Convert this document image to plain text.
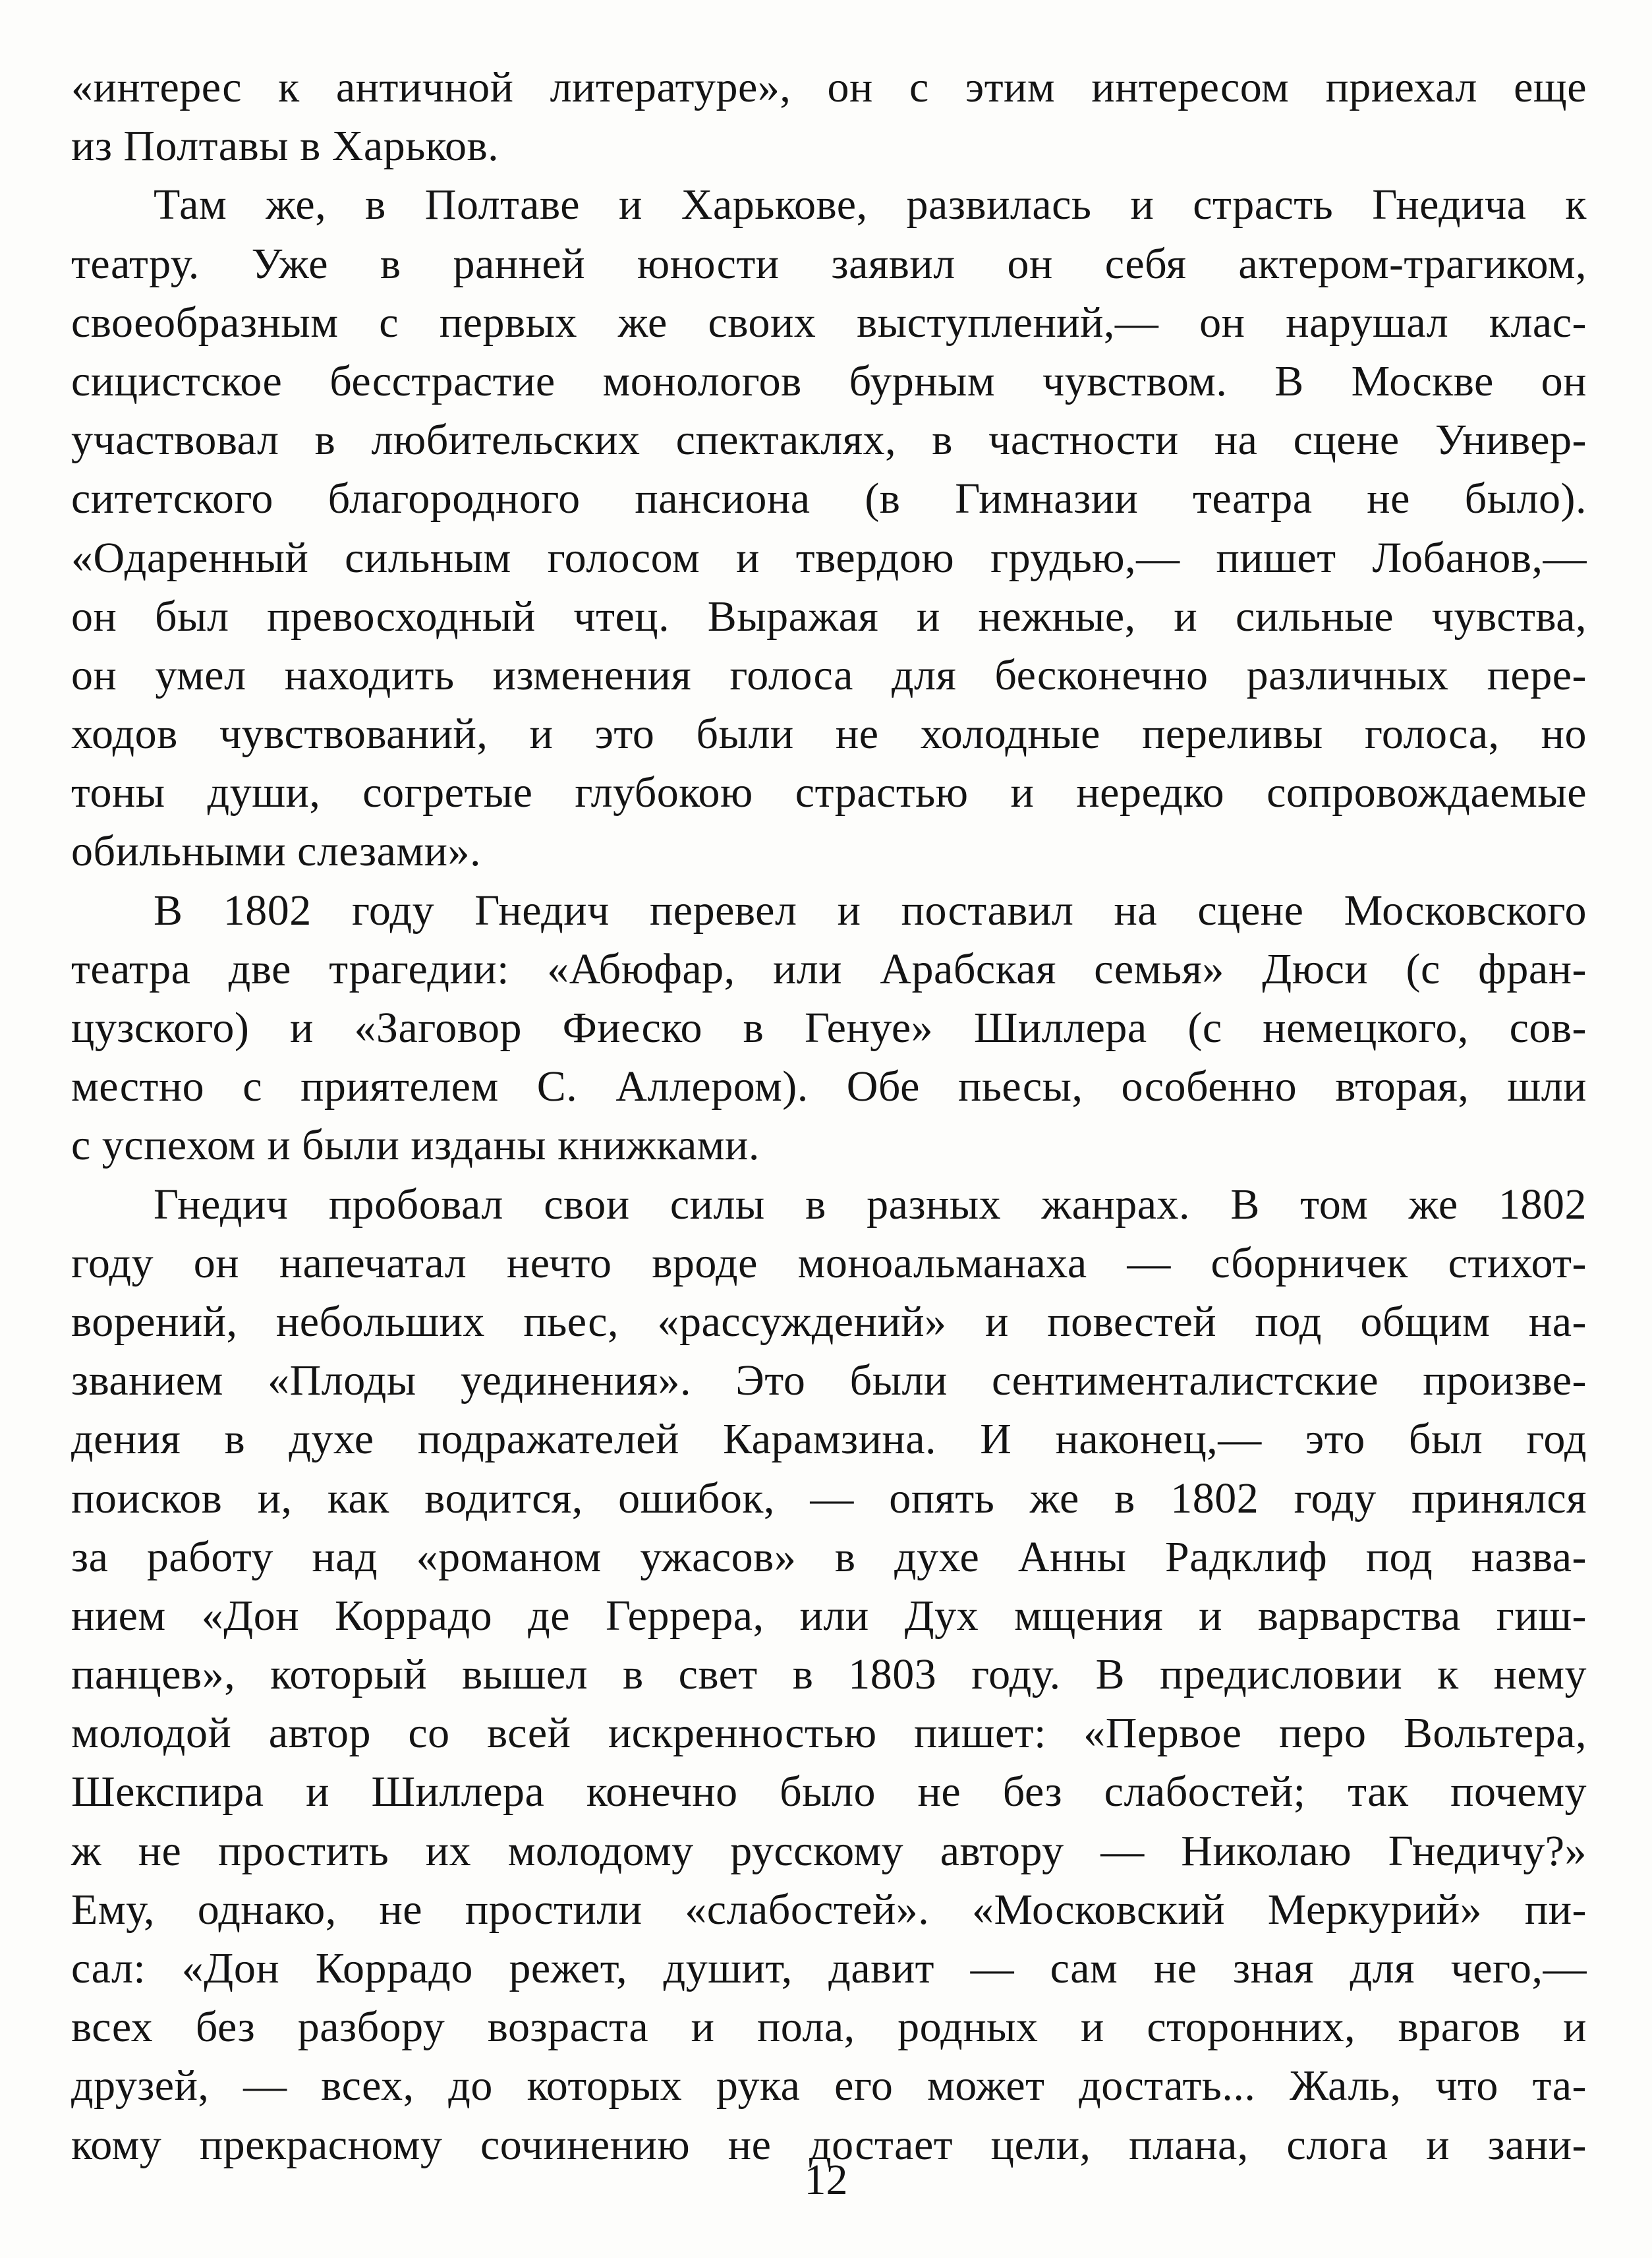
«интерес к античной литературе», он с этим интересом приехал еще
из Полтавы в Харьков.
Там же, в Полтаве и Харькове, развилась и страсть Гнедича к
театру. Уже в ранней юности заявил он себя актером-трагиком,
своеобразным с первых же своих выступлений,— он нарушал клас-
сицистское бесстрастие монологов бурным чувством. В Москве он
участвовал в любительских спектаклях, в частности на сцене Универ-
ситетского благородного пансиона (в Гимназии театра не было).
«Одаренный сильным голосом и твердою грудью,— пишет Лобанов,—
он был превосходный чтец. Выражая и нежные, и сильные чувства,
он умел находить изменения голоса для бесконечно различных пере-
ходов чувствований, и это были не холодные переливы голоса, но
тоны души, согретые глубокою страстью и нередко сопровождаемые
обильными слезами».
В 1802 году Гнедич перевел и поставил на сцене Московского
театра две трагедии: «Абюфар, или Арабская семья» Дюси (с фран-
цузского) и «Заговор Фиеско в Генуе» Шиллера (с немецкого, сов-
местно с приятелем С. Аллером). Обе пьесы, особенно вторая, шли
с успехом и были изданы книжками.
Гнедич пробовал свои силы в разных жанрах. В том же 1802
году он напечатал нечто вроде моноальманаха — сборничек стихот-
ворений, небольших пьес, «рассуждений» и повестей под общим на-
званием «Плоды уединения». Это были сентименталистские произве-
дения в духе подражателей Карамзина. И наконец,— это был год
поисков и, как водится, ошибок, — опять же в 1802 году принялся
за работу над «романом ужасов» в духе Анны Радклиф под назва-
нием «Дон Коррадо де Геррера, или Дух мщения и варварства гиш-
панцев», который вышел в свет в 1803 году. В предисловии к нему
молодой автор со всей искренностью пишет: «Первое перо Вольтера,
Шекспира и Шиллера конечно было не без слабостей; так почему
ж не простить их молодому русскому автору — Николаю Гнедичу?»
Ему, однако, не простили «слабостей». «Московский Меркурий» пи-
сал: «Дон Коррадо режет, душит, давит — сам не зная для чего,—
всех без разбору возраста и пола, родных и сторонних, врагов и
друзей, — всех, до которых рука его может достать... Жаль, что та-
кому прекрасному сочинению не достает цели, плана, слога и зани-
12
